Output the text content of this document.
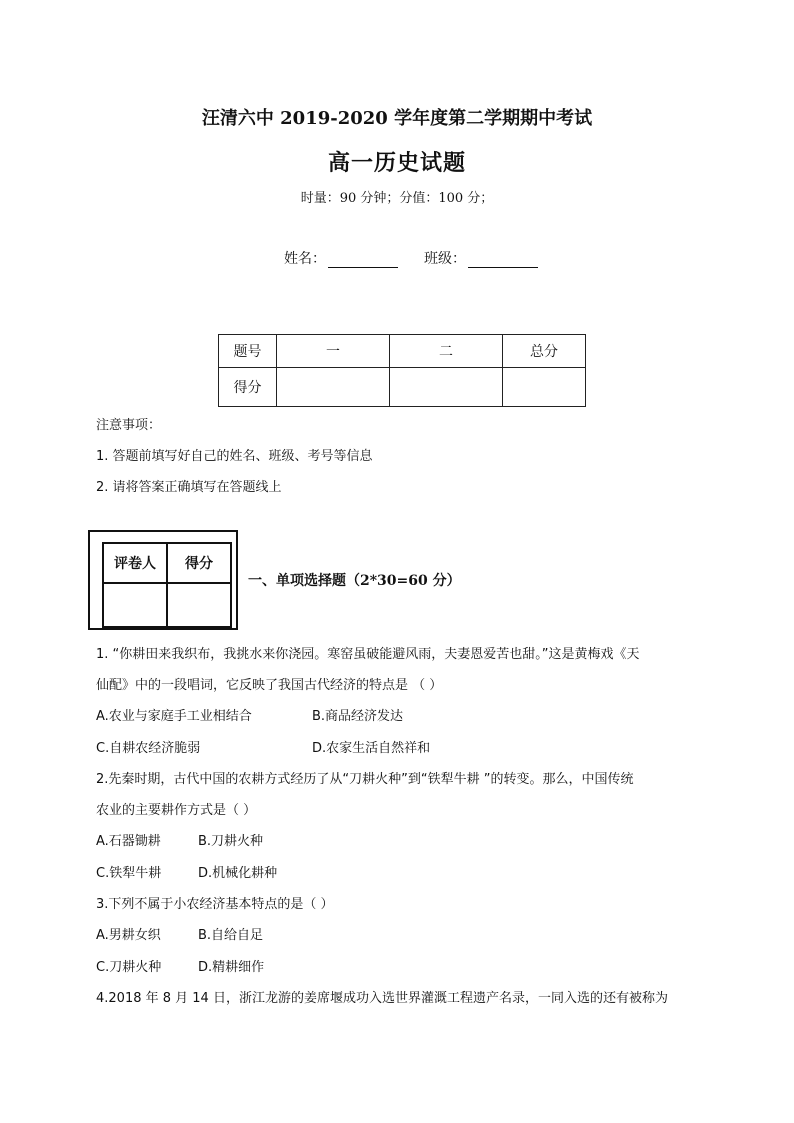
汪清六中 2019-2020 学年度第二学期期中考试
高一历史试题
时量：90 分钟；分值：100 分；
姓名：	班级：
题号	一	二	总分
得分			
注意事项：
1. 答题前填写好自己的姓名、班级、考号等信息
2. 请将答案正确填写在答题线上
评卷人	得分

一、单项选择题（2*30=60 分）
1. “你耕田来我织布，我挑水来你浇园。寒窑虽破能避风雨，夫妻恩爱苦也甜。”这是黄梅戏《天
仙配》中的一段唱词，它反映了我国古代经济的特点是 （ ）
A.农业与家庭手工业相结合	B.商品经济发达
C.自耕农经济脆弱	D.农家生活自然祥和
2.先秦时期，古代中国的农耕方式经历了从“刀耕火种”到“铁犁牛耕 ”的转变。那么，中国传统
农业的主要耕作方式是（ ）
A.石器锄耕	B.刀耕火种
C.铁犁牛耕	D.机械化耕种
3.下列不属于小农经济基本特点的是（ ）
A.男耕女织	B.自给自足
C.刀耕火种	D.精耕细作
4.2018 年 8 月 14 日，浙江龙游的姜席堰成功入选世界灌溉工程遗产名录，一同入选的还有被称为
